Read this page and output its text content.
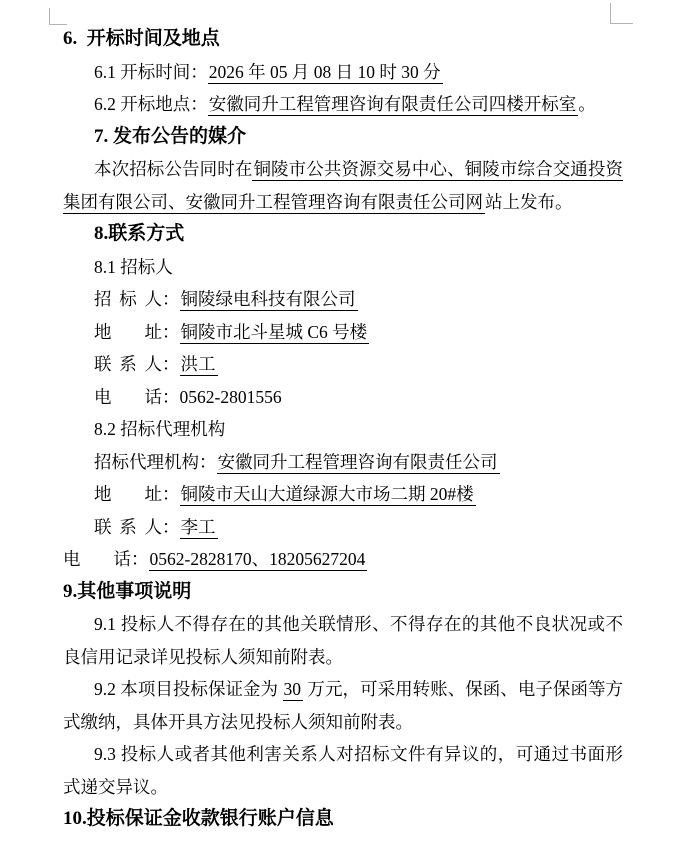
6.  开标时间及地点
6.1 开标时间：2026 年 05 月 08 日 10 时 30 分
6.2 开标地点：安徽同升工程管理咨询有限责任公司四楼开标室 。
7. 发布公告的媒介

本次招标公告同时在铜陵市公共资源交易中心、铜陵市综合交通投资集团有限公司、安徽同升工程管理咨询有限责任公司网 站上发布。

8.联系方式
8.1 招标人
招标人：铜陵绿电科技有限公司
地址：铜陵市北斗星城 C6 号楼
联系人：洪工
电话：0562-2801556
8.2 招标代理机构
招标代理机构：安徽同升工程管理咨询有限责任公司
地址：铜陵市天山大道绿源大市场二期 20#楼
联系人：李工
电话：0562-2828170、18205627204
9.其他事项说明

9.1 投标人不得存在的其他关联情形、不得存在的其他不良状况或不良信用记录详见投标人须知前附表。

9.2 本项目投标保证金为 30 万元，可采用转账、保函、电子保函等方式缴纳，具体开具方法见投标人须知前附表。

9.3 投标人或者其他利害关系人对招标文件有异议的，可通过书面形式递交异议。

10.投标保证金收款银行账户信息
